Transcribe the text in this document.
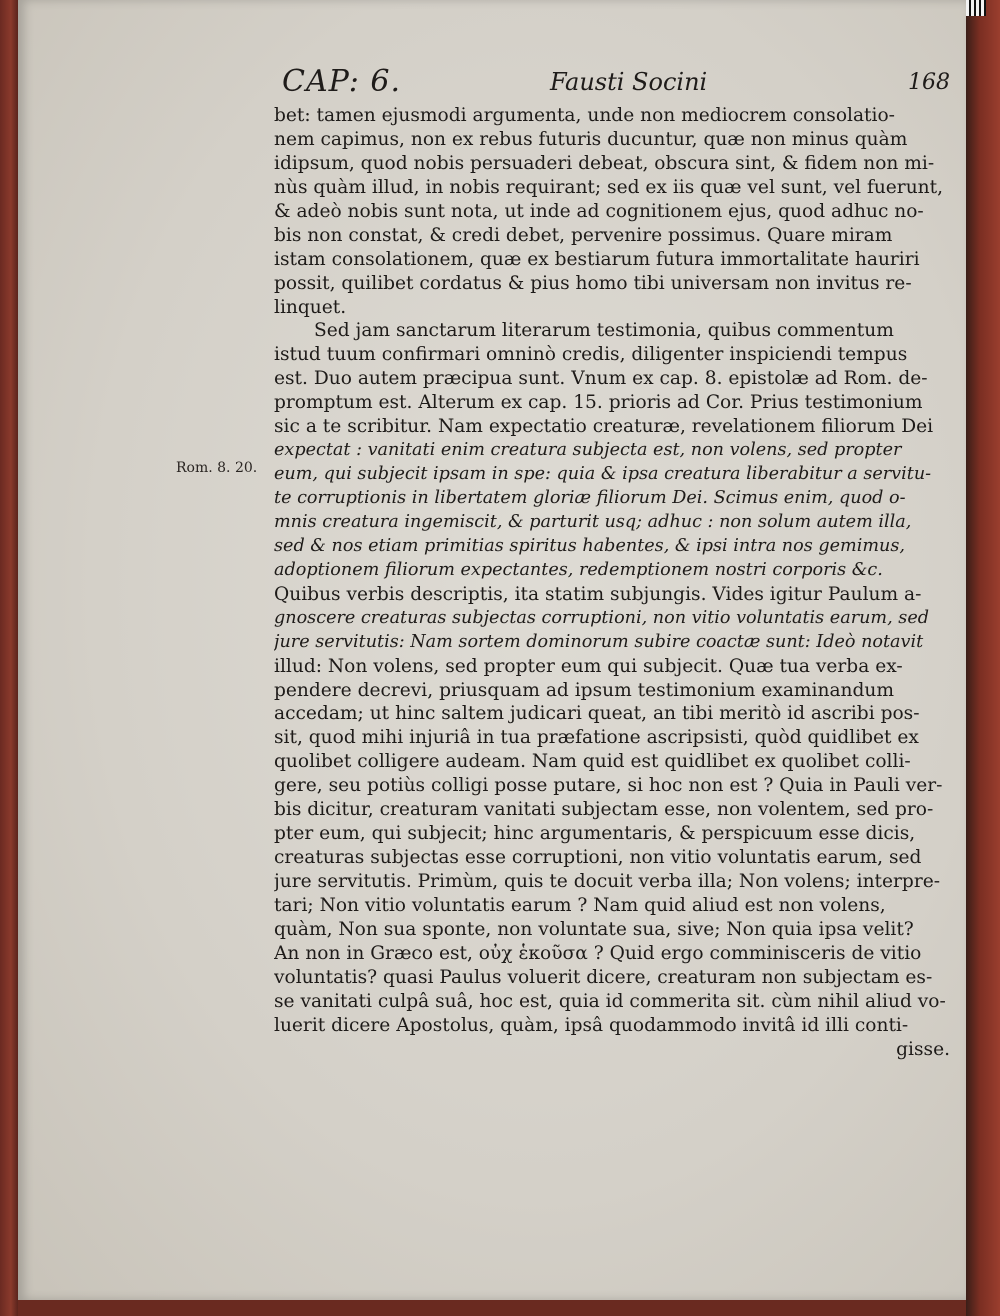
CAP: 6.	Fausti Socini	168
Rom. 8. 20.
bet: tamen ejusmodi argumenta, unde non mediocrem consolatio-
nem capimus, non ex rebus futuris ducuntur, quæ non minus quàm
idipsum, quod nobis persuaderi debeat, obscura sint, & fidem non mi-
nùs quàm illud, in nobis requirant; sed ex iis quæ vel sunt, vel fuerunt,
& adeò nobis sunt nota, ut inde ad cognitionem ejus, quod adhuc no-
bis non constat, & credi debet, pervenire possimus. Quare miram
istam consolationem, quæ ex bestiarum futura immortalitate hauriri
possit, quilibet cordatus & pius homo tibi universam non invitus re-
linquet.
Sed jam sanctarum literarum testimonia, quibus commentum
istud tuum confirmari omninò credis, diligenter inspiciendi tempus
est. Duo autem præcipua sunt. Vnum ex cap. 8. epistolæ ad Rom. de-
promptum est. Alterum ex cap. 15. prioris ad Cor. Prius testimonium
sic a te scribitur. Nam expectatio creaturæ, revelationem filiorum Dei
expectat : vanitati enim creatura subjecta est, non volens, sed propter
eum, qui subjecit ipsam in spe: quia & ipsa creatura liberabitur a servitu-
te corruptionis in libertatem gloriæ filiorum Dei. Scimus enim, quod o-
mnis creatura ingemiscit, & parturit usq; adhuc : non solum autem illa,
sed & nos etiam primitias spiritus habentes, & ipsi intra nos gemimus,
adoptionem filiorum expectantes, redemptionem nostri corporis &c.
Quibus verbis descriptis, ita statim subjungis. Vides igitur Paulum a-
gnoscere creaturas subjectas corruptioni, non vitio voluntatis earum, sed
jure servitutis: Nam sortem dominorum subire coactæ sunt: Ideò notavit
illud: Non volens, sed propter eum qui subjecit. Quæ tua verba ex-
pendere decrevi, priusquam ad ipsum testimonium examinandum
accedam; ut hinc saltem judicari queat, an tibi meritò id ascribi pos-
sit, quod mihi injuriâ in tua præfatione ascripsisti, quòd quidlibet ex
quolibet colligere audeam. Nam quid est quidlibet ex quolibet colli-
gere, seu potiùs colligi posse putare, si hoc non est ? Quia in Pauli ver-
bis dicitur, creaturam vanitati subjectam esse, non volentem, sed pro-
pter eum, qui subjecit; hinc argumentaris, & perspicuum esse dicis,
creaturas subjectas esse corruptioni, non vitio voluntatis earum, sed
jure servitutis. Primùm, quis te docuit verba illa; Non volens; interpre-
tari; Non vitio voluntatis earum ? Nam quid aliud est non volens,
quàm, Non sua sponte, non voluntate sua, sive; Non quia ipsa velit?
An non in Græco est, οὐχ ἑκοῦσα ? Quid ergo comminisceris de vitio
voluntatis? quasi Paulus voluerit dicere, creaturam non subjectam es-
se vanitati culpâ suâ, hoc est, quia id commerita sit. cùm nihil aliud vo-
luerit dicere Apostolus, quàm, ipsâ quodammodo invitâ id illi conti-
gisse.
